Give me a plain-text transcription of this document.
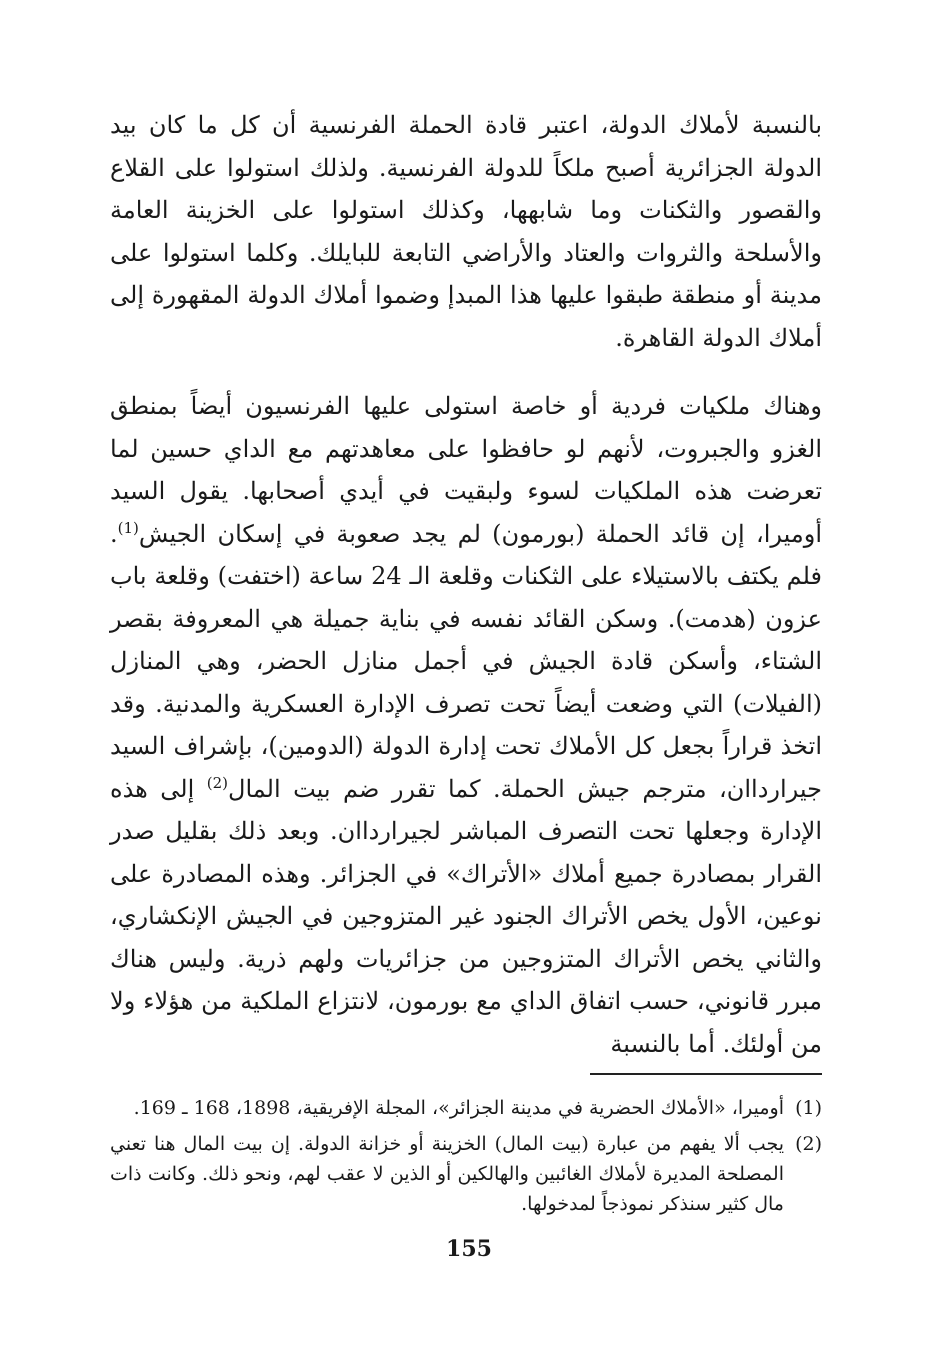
بالنسبة لأملاك الدولة، اعتبر قادة الحملة الفرنسية أن كل ما كان بيد الدولة الجزائرية أصبح ملكاً للدولة الفرنسية. ولذلك استولوا على القلاع والقصور والثكنات وما شابهها، وكذلك استولوا على الخزينة العامة والأسلحة والثروات والعتاد والأراضي التابعة للبايلك. وكلما استولوا على مدينة أو منطقة طبقوا عليها هذا المبدإ وضموا أملاك الدولة المقهورة إلى أملاك الدولة القاهرة.

وهناك ملكيات فردية أو خاصة استولى عليها الفرنسيون أيضاً بمنطق الغزو والجبروت، لأنهم لو حافظوا على معاهدتهم مع الداي حسين لما تعرضت هذه الملكيات لسوء ولبقيت في أيدي أصحابها. يقول السيد أوميرا، إن قائد الحملة (بورمون) لم يجد صعوبة في إسكان الجيش$^{(1)}$. فلم يكتف بالاستيلاء على الثكنات وقلعة الـ 24 ساعة (اختفت) وقلعة باب عزون (هدمت). وسكن القائد نفسه في بناية جميلة هي المعروفة بقصر الشتاء، وأسكن قادة الجيش في أجمل منازل الحضر، وهي المنازل (الفيلات) التي وضعت أيضاً تحت تصرف الإدارة العسكرية والمدنية. وقد اتخذ قراراً بجعل كل الأملاك تحت إدارة الدولة (الدومين)، بإشراف السيد جيرارداان، مترجم جيش الحملة. كما تقرر ضم بيت المال$^{(2)}$ إلى هذه الإدارة وجعلها تحت التصرف المباشر لجيرارداان. وبعد ذلك بقليل صدر القرار بمصادرة جميع أملاك «الأتراك» في الجزائر. وهذه المصادرة على نوعين، الأول يخص الأتراك الجنود غير المتزوجين في الجيش الإنكشاري، والثاني يخص الأتراك المتزوجين من جزائريات ولهم ذرية. وليس هناك مبرر قانوني، حسب اتفاق الداي مع بورمون، لانتزاع الملكية من هؤلاء ولا من أولئك. أما بالنسبة

(1)
أوميرا، «الأملاك الحضرية في مدينة الجزائر»، المجلة الإفريقية، 1898، 168 ـ 169.
(2)
يجب ألا يفهم من عبارة (بيت المال) الخزينة أو خزانة الدولة. إن بيت المال هنا تعني المصلحة المديرة لأملاك الغائبين والهالكين أو الذين لا عقب لهم، ونحو ذلك. وكانت ذات مال كثير سنذكر نموذجاً لمدخولها.
155
